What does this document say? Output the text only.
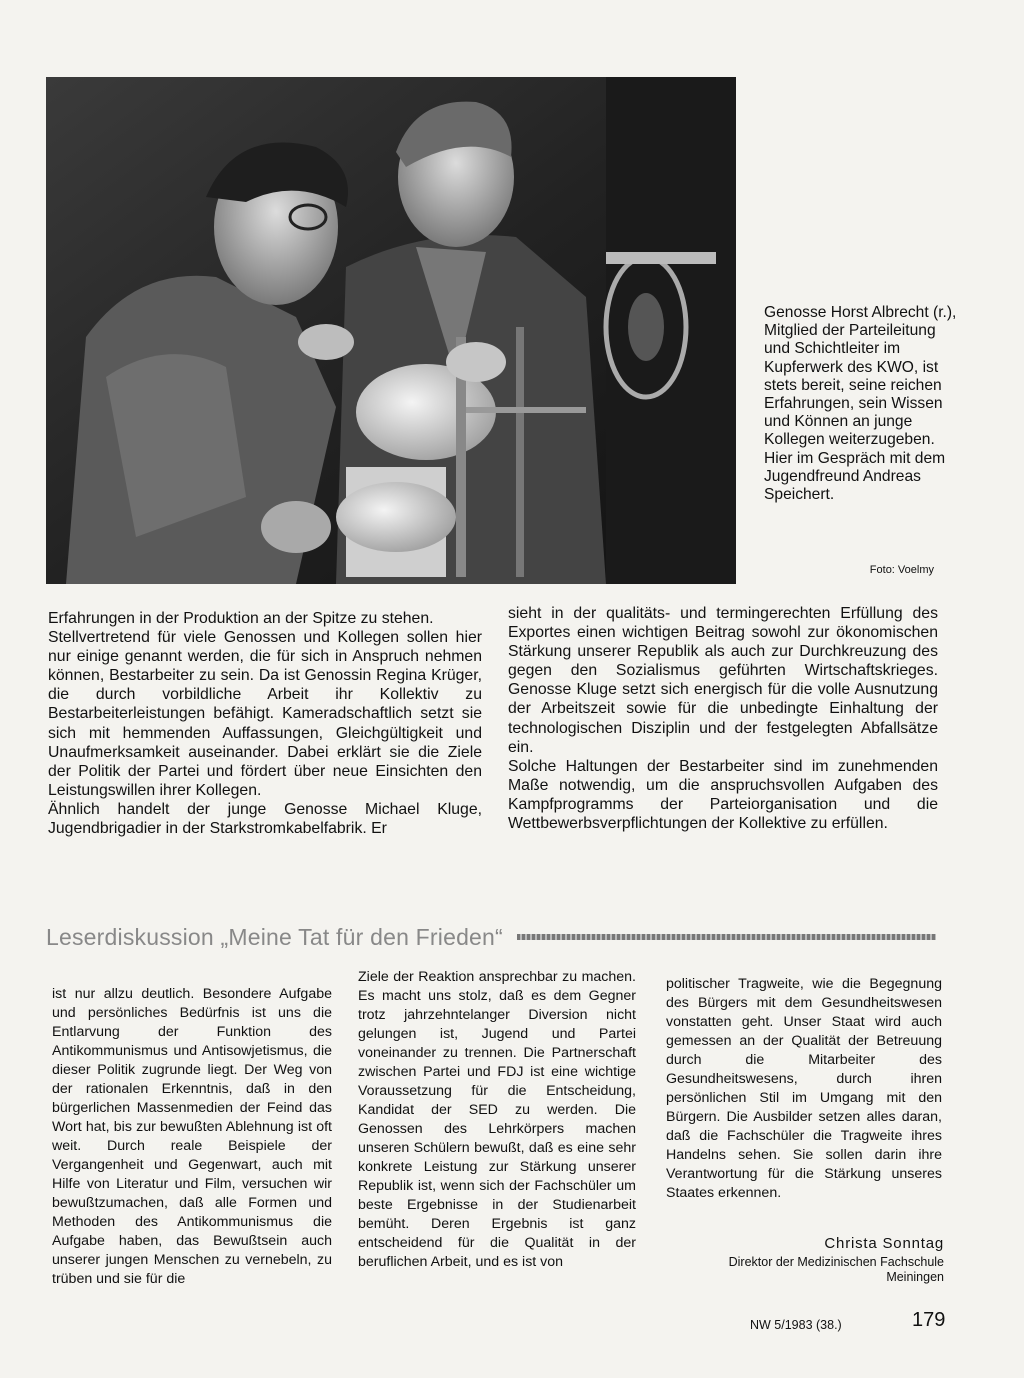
Genosse Horst Albrecht (r.), Mitglied der Parteileitung und Schichtleiter im Kupferwerk des KWO, ist stets bereit, seine reichen Erfahrungen, sein Wissen und Können an junge Kollegen weiterzugeben. Hier im Gespräch mit dem Jugendfreund Andreas Speichert.
Foto: Voelmy

Erfahrungen in der Produktion an der Spitze zu stehen.

Stellvertretend für viele Genossen und Kollegen sollen hier nur einige genannt werden, die für sich in Anspruch nehmen können, Bestarbeiter zu sein. Da ist Genossin Regina Krüger, die durch vorbildliche Arbeit ihr Kollektiv zu Bestarbeiterleistungen befähigt. Kameradschaftlich setzt sie sich mit hemmenden Auffassungen, Gleichgültigkeit und Unaufmerksamkeit auseinander. Dabei erklärt sie die Ziele der Politik der Partei und fördert über neue Einsichten den Leistungswillen ihrer Kollegen.

Ähnlich handelt der junge Genosse Michael Kluge, Jugendbrigadier in der Starkstromkabelfabrik. Er

sieht in der qualitäts- und termingerechten Erfüllung des Exportes einen wichtigen Beitrag sowohl zur ökonomischen Stärkung unserer Republik als auch zur Durchkreuzung des gegen den Sozialismus geführten Wirtschaftskrieges. Genosse Kluge setzt sich energisch für die volle Ausnutzung der Arbeitszeit sowie für die unbedingte Einhaltung der technologischen Disziplin und der festgelegten Abfallsätze ein.

Solche Haltungen der Bestarbeiter sind im zunehmenden Maße notwendig, um die anspruchsvollen Aufgaben des Kampfprogramms der Parteiorganisation und die Wettbewerbsverpflichtungen der Kollektive zu erfüllen.

Leserdiskussion „Meine Tat für den Frieden“

ist nur allzu deutlich. Besondere Aufgabe und persönliches Bedürfnis ist uns die Entlarvung der Funktion des Antikommunismus und Antisowjetismus, die dieser Politik zugrunde liegt. Der Weg von der rationalen Erkenntnis, daß in den bürgerlichen Massenmedien der Feind das Wort hat, bis zur bewußten Ablehnung ist oft weit. Durch reale Beispiele der Vergangenheit und Gegenwart, auch mit Hilfe von Literatur und Film, versuchen wir bewußtzumachen, daß alle Formen und Methoden des Antikommunismus die Aufgabe haben, das Bewußtsein auch unserer jungen Menschen zu vernebeln, zu trüben und sie für die

Ziele der Reaktion ansprechbar zu machen. Es macht uns stolz, daß es dem Gegner trotz jahrzehntelanger Diversion nicht gelungen ist, Jugend und Partei voneinander zu trennen. Die Partnerschaft zwischen Partei und FDJ ist eine wichtige Voraussetzung für die Entscheidung, Kandidat der SED zu werden. Die Genossen des Lehrkörpers machen unseren Schülern bewußt, daß es eine sehr konkrete Leistung zur Stärkung unserer Republik ist, wenn sich der Fachschüler um beste Ergebnisse in der Studienarbeit bemüht. Deren Ergebnis ist ganz entscheidend für die Qualität in der beruflichen Arbeit, und es ist von

politischer Tragweite, wie die Begegnung des Bürgers mit dem Gesundheitswesen vonstatten geht. Unser Staat wird auch gemessen an der Qualität der Betreuung durch die Mitarbeiter des Gesundheitswesens, durch ihren persönlichen Stil im Umgang mit den Bürgern. Die Ausbilder setzen alles daran, daß die Fachschüler die Tragweite ihres Handelns sehen. Sie sollen darin ihre Verantwortung für die Stärkung unseres Staates erkennen.

Christa Sonntag
Direktor der Medizinischen Fachschule
Meiningen
NW 5/1983 (38.)	179
